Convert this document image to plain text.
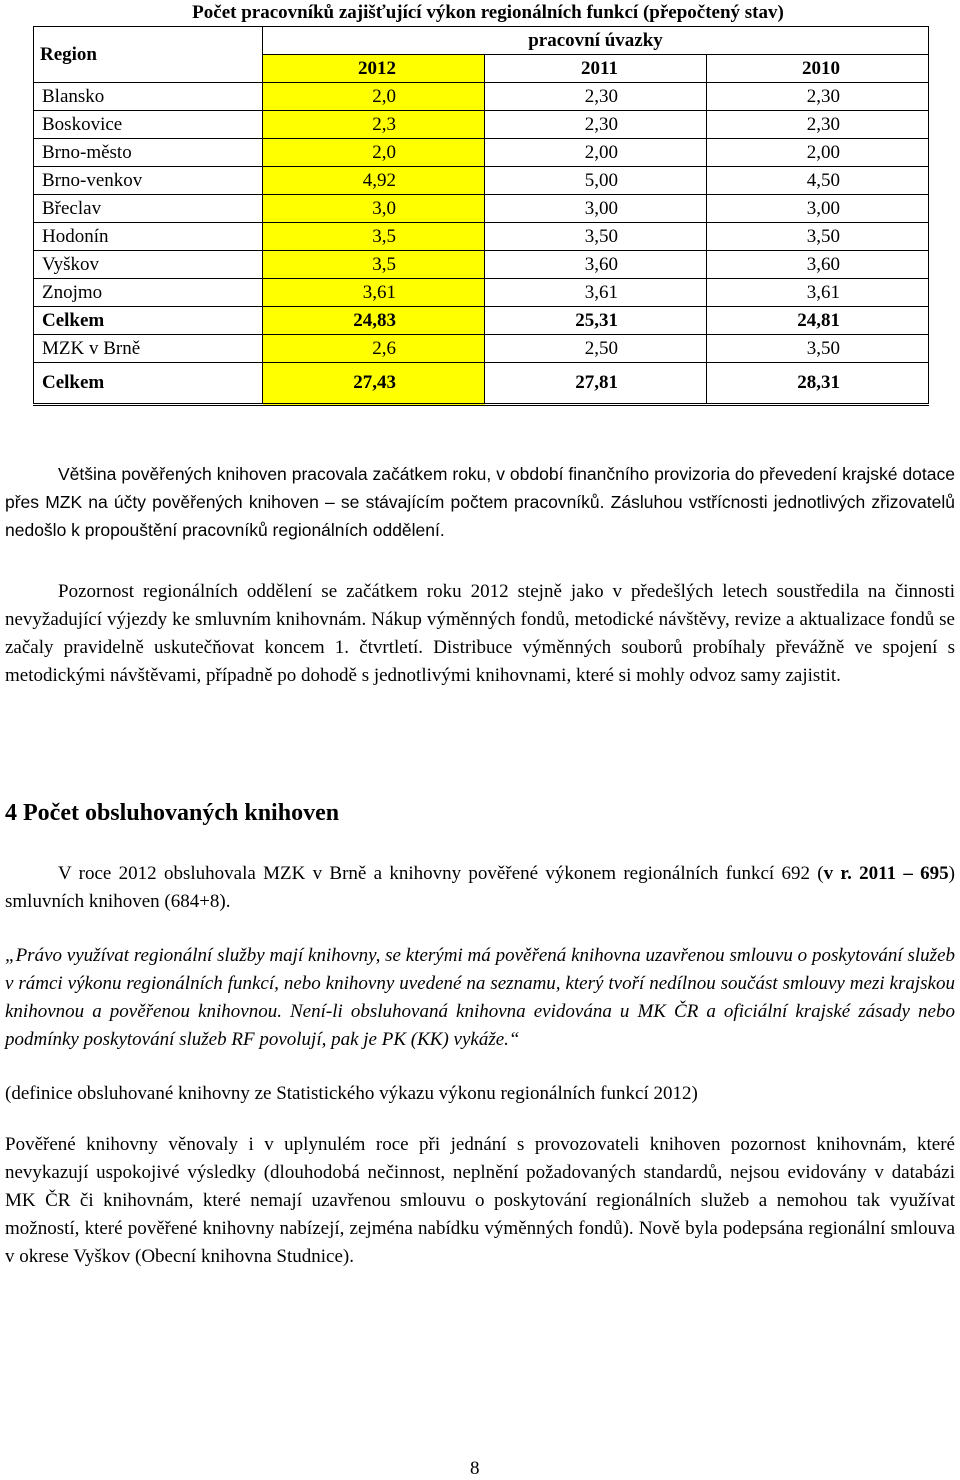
Počet pracovníků zajišťující výkon regionálních funkcí (přepočtený stav)
Region	pracovní úvazky		
	2012	2011	2010
Blansko	2,0	2,30	2,30
Boskovice	2,3	2,30	2,30
Brno-město	2,0	2,00	2,00
Brno-venkov	4,92	5,00	4,50
Břeclav	3,0	3,00	3,00
Hodonín	3,5	3,50	3,50
Vyškov	3,5	3,60	3,60
Znojmo	3,61	3,61	3,61
Celkem	24,83	25,31	24,81
MZK v Brně	2,6	2,50	3,50
Celkem	27,43	27,81	28,31
Většina pověřených knihoven pracovala začátkem roku, v období finančního provizoria do převedení krajské dotace přes MZK na účty pověřených knihoven – se stávajícím počtem pracovníků. Zásluhou vstřícnosti jednotlivých zřizovatelů nedošlo k propouštění pracovníků regionálních oddělení.
Pozornost regionálních oddělení se začátkem roku 2012 stejně jako v předešlých letech soustředila na činnosti nevyžadující výjezdy ke smluvním knihovnám. Nákup výměnných fondů, metodické návštěvy, revize a aktualizace fondů se začaly pravidelně uskutečňovat koncem 1. čtvrtletí. Distribuce výměnných souborů probíhaly převážně ve spojení s metodickými návštěvami, případně po dohodě s jednotlivými knihovnami, které si mohly odvoz samy zajistit.
4 Počet obsluhovaných knihoven
V roce 2012 obsluhovala MZK v Brně a knihovny pověřené výkonem regionálních funkcí 692 (v r. 2011 – 695) smluvních knihoven (684+8).
„Právo využívat regionální služby mají knihovny, se kterými má pověřená knihovna uzavřenou smlouvu o poskytování služeb v rámci výkonu regionálních funkcí, nebo knihovny uvedené na seznamu, který tvoří nedílnou součást smlouvy mezi krajskou knihovnou a pověřenou knihovnou. Není-li obsluhovaná knihovna evidována u MK ČR a oficiální krajské zásady nebo podmínky poskytování služeb RF povolují, pak je PK (KK) vykáže.“
(definice obsluhované knihovny ze Statistického výkazu výkonu regionálních funkcí 2012)
Pověřené knihovny věnovaly i v uplynulém roce při jednání s provozovateli knihoven pozornost knihovnám, které nevykazují uspokojivé výsledky (dlouhodobá nečinnost, neplnění požadovaných standardů, nejsou evidovány v databázi MK ČR či knihovnám, které nemají uzavřenou smlouvu o poskytování regionálních služeb a nemohou tak využívat možností, které pověřené knihovny nabízejí, zejména nabídku výměnných fondů). Nově byla podepsána regionální smlouva v okrese Vyškov (Obecní knihovna Studnice).
8
